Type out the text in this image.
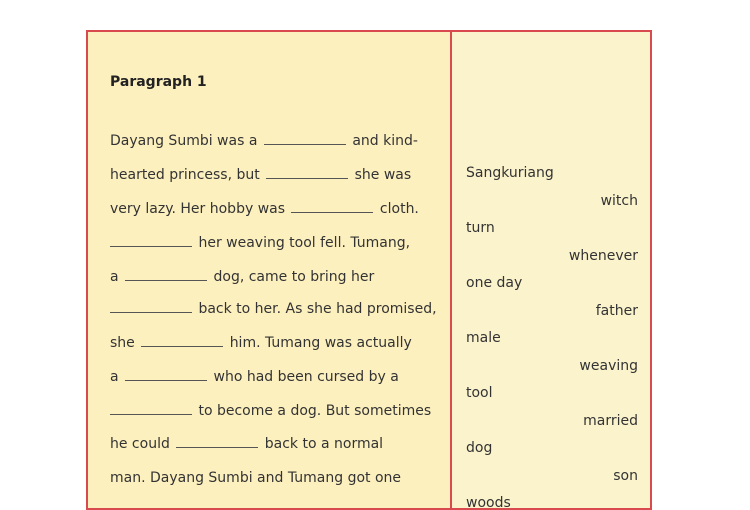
Paragraph 1
Dayang Sumbi was a	and kind-
hearted princess, but	she was
very lazy. Her hobby was	cloth.
her weaving tool fell. Tumang,
a	dog, came to bring her
back to her. As she had promised,
she	him. Tumang was actually
a	who had been cursed by a
to become a dog. But sometimes
he could	back to a normal
man. Dayang Sumbi and Tumang got one
Sangkuriang
witch
turn
whenever
one day
father
male
weaving
tool
married
dog
son
woods
